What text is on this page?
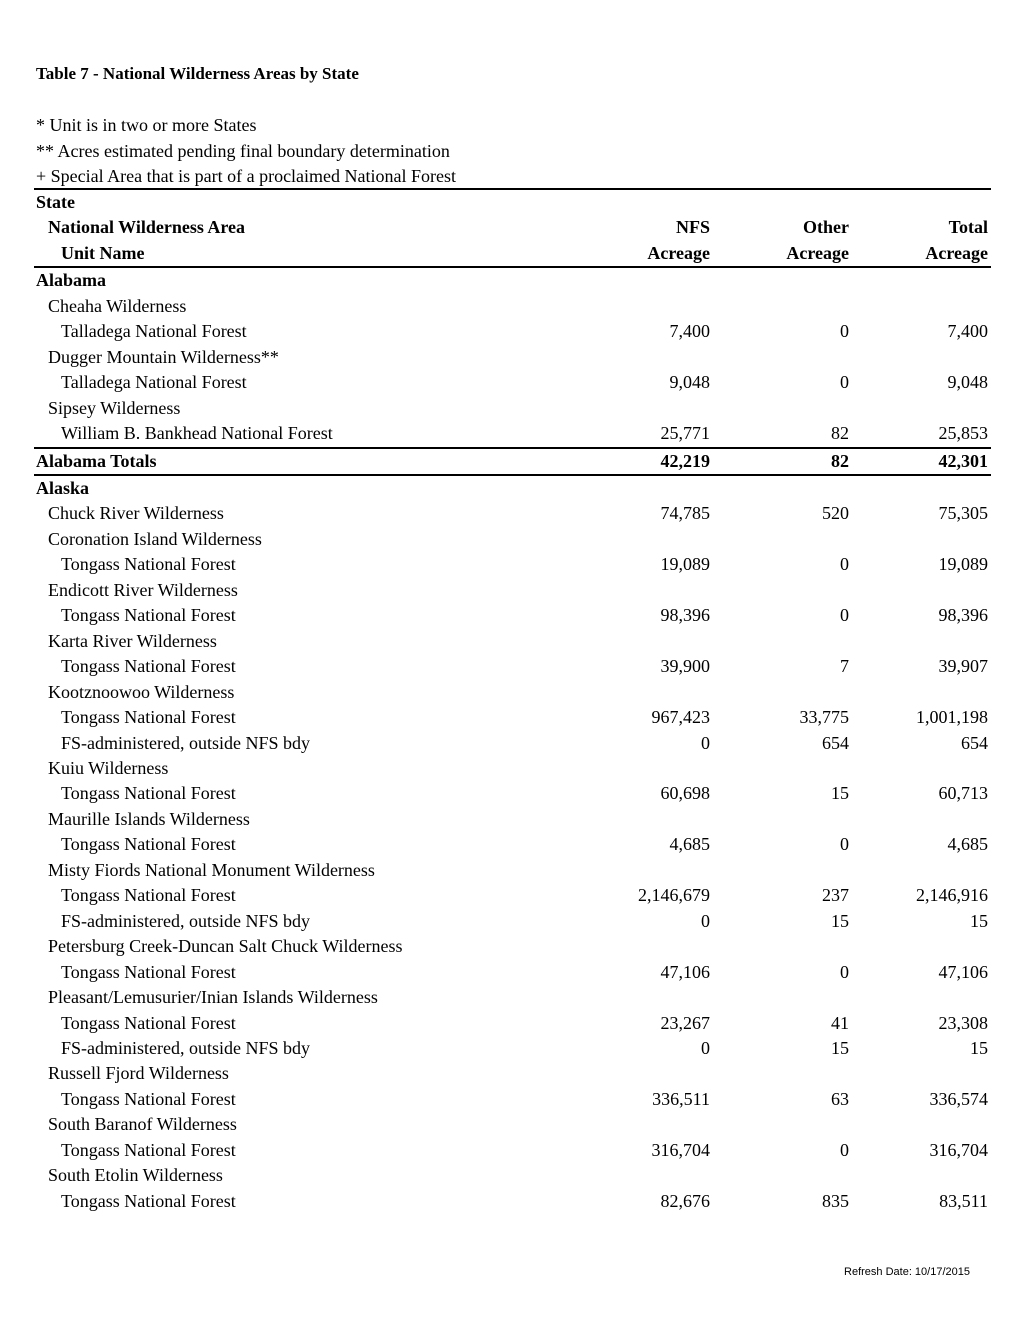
Table 7 - National Wilderness Areas by State
* Unit is in two or more States
** Acres estimated pending final boundary determination
+ Special Area that is part of a proclaimed National Forest
State			
National Wilderness Area	NFS	Other	Total
Unit Name	Acreage	Acreage	Acreage
Alabama			
Cheaha Wilderness			
Talladega National Forest	7,400	0	7,400
Dugger Mountain Wilderness**			
Talladega National Forest	9,048	0	9,048
Sipsey Wilderness			
William B. Bankhead National Forest	25,771	82	25,853
Alabama Totals	42,219	82	42,301
Alaska			
Chuck River Wilderness	74,785	520	75,305
Coronation Island Wilderness			
Tongass National Forest	19,089	0	19,089
Endicott River Wilderness			
Tongass National Forest	98,396	0	98,396
Karta River Wilderness			
Tongass National Forest	39,900	7	39,907
Kootznoowoo Wilderness			
Tongass National Forest	967,423	33,775	1,001,198
FS-administered, outside NFS bdy	0	654	654
Kuiu Wilderness			
Tongass National Forest	60,698	15	60,713
Maurille Islands Wilderness			
Tongass National Forest	4,685	0	4,685
Misty Fiords National Monument Wilderness			
Tongass National Forest	2,146,679	237	2,146,916
FS-administered, outside NFS bdy	0	15	15
Petersburg Creek-Duncan Salt Chuck Wilderness			
Tongass National Forest	47,106	0	47,106
Pleasant/Lemusurier/Inian Islands Wilderness			
Tongass National Forest	23,267	41	23,308
FS-administered, outside NFS bdy	0	15	15
Russell Fjord Wilderness			
Tongass National Forest	336,511	63	336,574
South Baranof Wilderness			
Tongass National Forest	316,704	0	316,704
South Etolin Wilderness			
Tongass National Forest	82,676	835	83,511
Refresh Date: 10/17/2015
